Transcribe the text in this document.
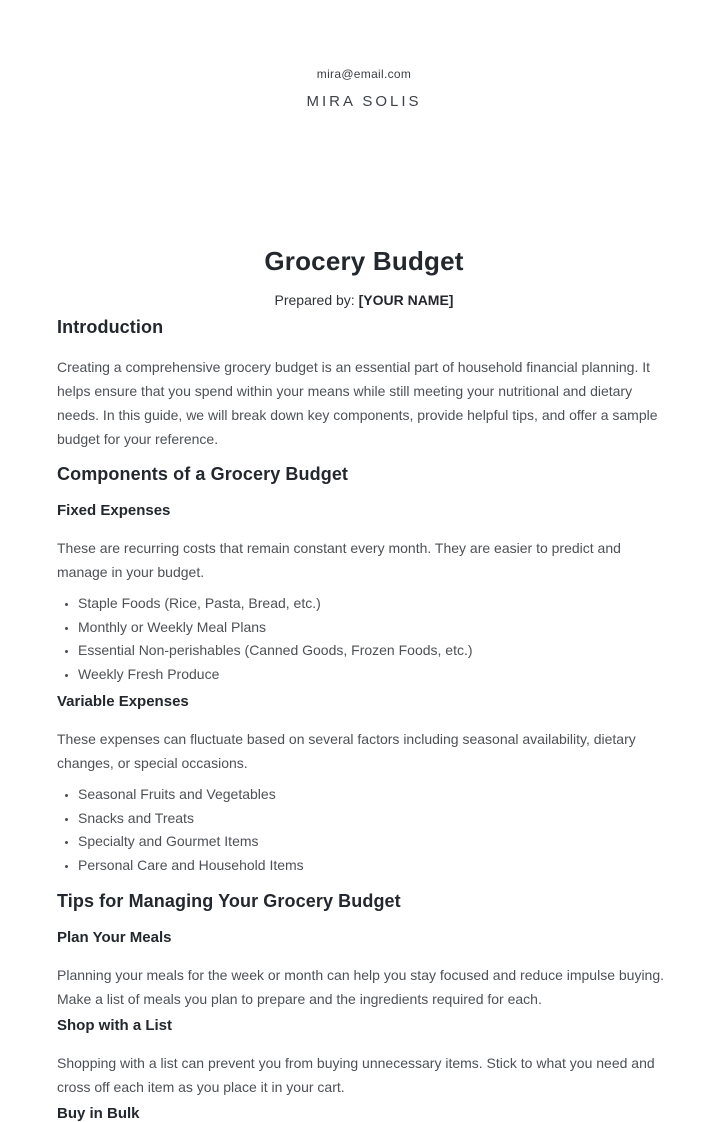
mira@email.com
MIRA SOLIS
Grocery Budget
Prepared by: [YOUR NAME]
Introduction

Creating a comprehensive grocery budget is an essential part of household financial planning. It helps ensure that you spend within your means while still meeting your nutritional and dietary needs. In this guide, we will break down key components, provide helpful tips, and offer a sample budget for your reference.

Components of a Grocery Budget
Fixed Expenses

These are recurring costs that remain constant every month. They are easier to predict and manage in your budget.

• Staple Foods (Rice, Pasta, Bread, etc.)
• Monthly or Weekly Meal Plans
• Essential Non-perishables (Canned Goods, Frozen Foods, etc.)
• Weekly Fresh Produce
Variable Expenses

These expenses can fluctuate based on several factors including seasonal availability, dietary changes, or special occasions.

• Seasonal Fruits and Vegetables
• Snacks and Treats
• Specialty and Gourmet Items
• Personal Care and Household Items
Tips for Managing Your Grocery Budget
Plan Your Meals

Planning your meals for the week or month can help you stay focused and reduce impulse buying. Make a list of meals you plan to prepare and the ingredients required for each.

Shop with a List

Shopping with a list can prevent you from buying unnecessary items. Stick to what you need and cross off each item as you place it in your cart.

Buy in Bulk
